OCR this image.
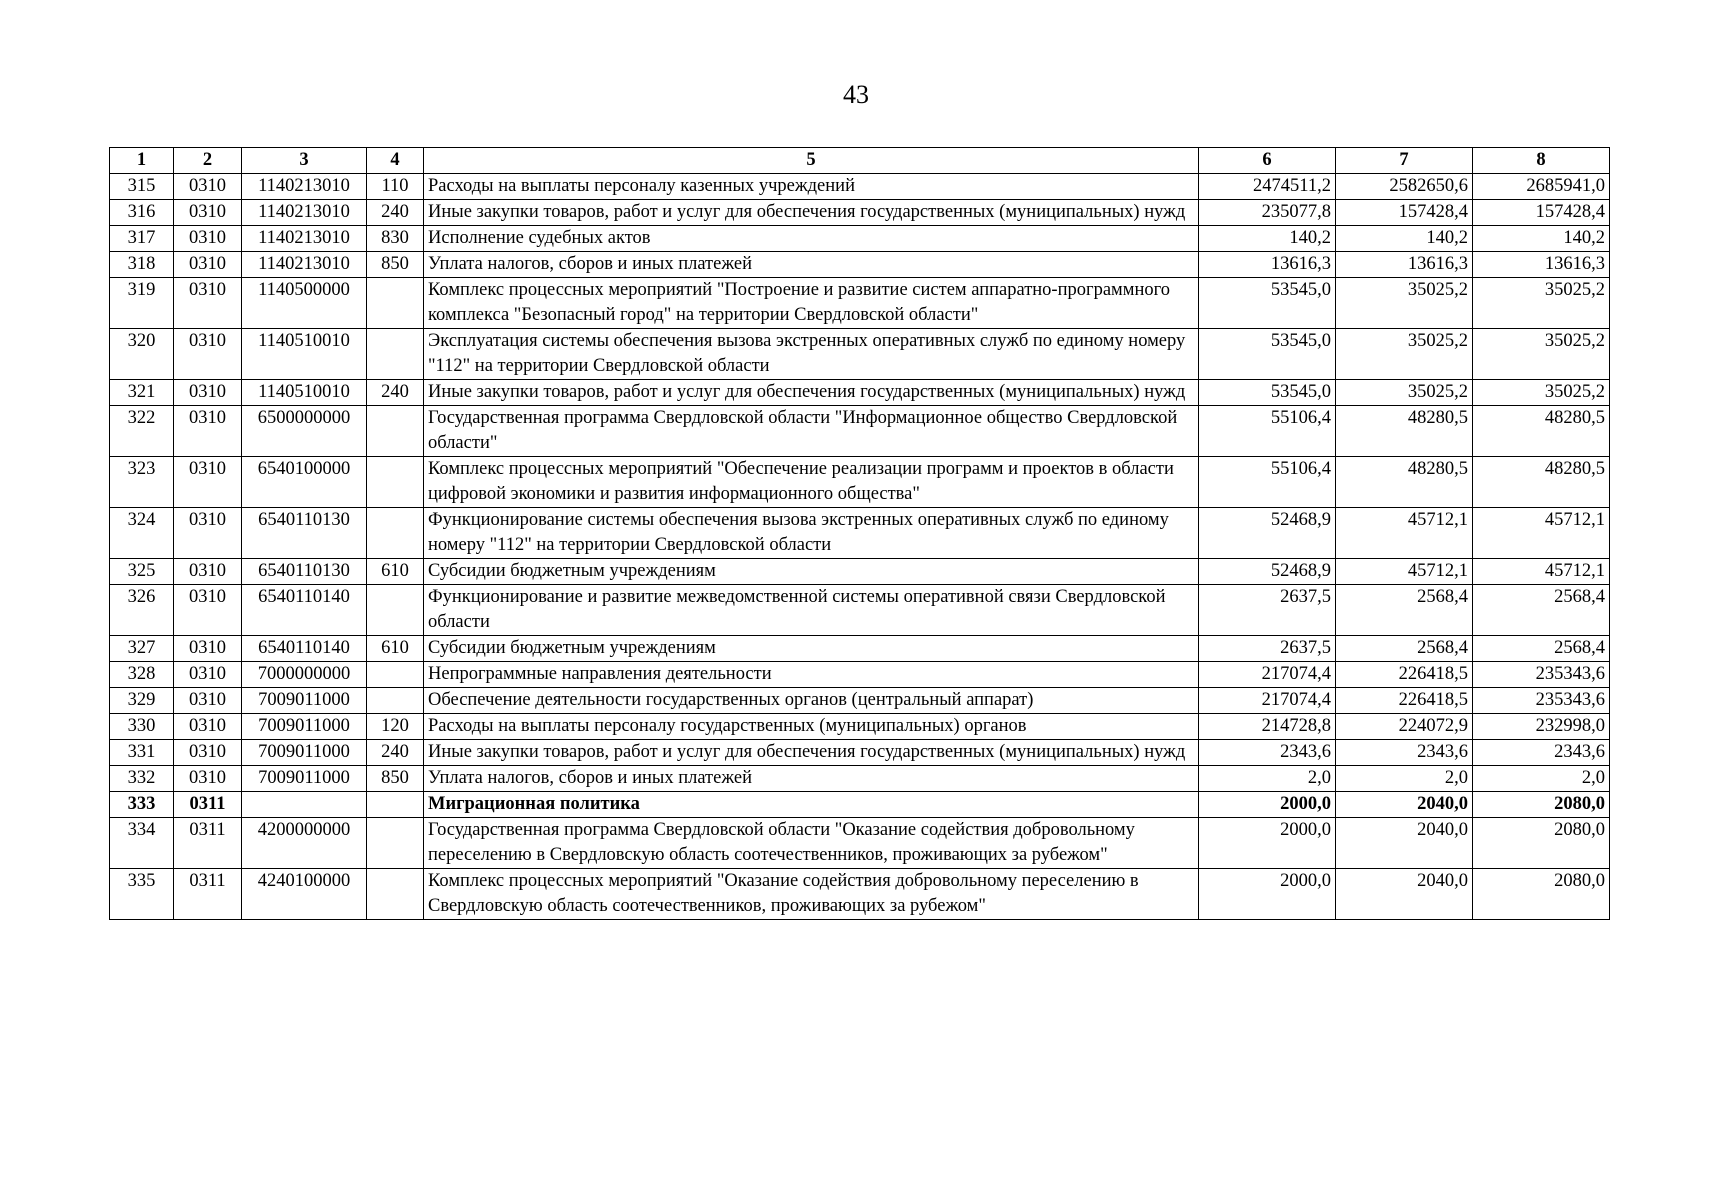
43
1	2	3	4	5	6	7	8
315	0310	1140213010	110	Расходы на выплаты персоналу казенных учреждений	2474511,2	2582650,6	2685941,0
316	0310	1140213010	240	Иные закупки товаров, работ и услуг для обеспечения государственных (муниципальных) нужд	235077,8	157428,4	157428,4
317	0310	1140213010	830	Исполнение судебных актов	140,2	140,2	140,2
318	0310	1140213010	850	Уплата налогов, сборов и иных платежей	13616,3	13616,3	13616,3
319	0310	1140500000		Комплекс процессных мероприятий "Построение и развитие систем аппаратно-программного комплекса "Безопасный город" на территории Свердловской области"	53545,0	35025,2	35025,2
320	0310	1140510010		Эксплуатация системы обеспечения вызова экстренных оперативных служб по единому номеру "112" на территории Свердловской области	53545,0	35025,2	35025,2
321	0310	1140510010	240	Иные закупки товаров, работ и услуг для обеспечения государственных (муниципальных) нужд	53545,0	35025,2	35025,2
322	0310	6500000000		Государственная программа Свердловской области "Информационное общество Свердловской области"	55106,4	48280,5	48280,5
323	0310	6540100000		Комплекс процессных мероприятий "Обеспечение реализации программ и проектов в области цифровой экономики и развития информационного общества"	55106,4	48280,5	48280,5
324	0310	6540110130		Функционирование системы обеспечения вызова экстренных оперативных служб по единому номеру "112" на территории Свердловской области	52468,9	45712,1	45712,1
325	0310	6540110130	610	Субсидии бюджетным учреждениям	52468,9	45712,1	45712,1
326	0310	6540110140		Функционирование и развитие межведомственной системы оперативной связи Свердловской области	2637,5	2568,4	2568,4
327	0310	6540110140	610	Субсидии бюджетным учреждениям	2637,5	2568,4	2568,4
328	0310	7000000000		Непрограммные направления деятельности	217074,4	226418,5	235343,6
329	0310	7009011000		Обеспечение деятельности государственных органов (центральный аппарат)	217074,4	226418,5	235343,6
330	0310	7009011000	120	Расходы на выплаты персоналу государственных (муниципальных) органов	214728,8	224072,9	232998,0
331	0310	7009011000	240	Иные закупки товаров, работ и услуг для обеспечения государственных (муниципальных) нужд	2343,6	2343,6	2343,6
332	0310	7009011000	850	Уплата налогов, сборов и иных платежей	2,0	2,0	2,0
333	0311			Миграционная политика	2000,0	2040,0	2080,0
334	0311	4200000000		Государственная программа Свердловской области "Оказание содействия добровольному переселению в Свердловскую область соотечественников, проживающих за рубежом"	2000,0	2040,0	2080,0
335	0311	4240100000		Комплекс процессных мероприятий "Оказание содействия добровольному переселению в Свердловскую область соотечественников, проживающих за рубежом"	2000,0	2040,0	2080,0
